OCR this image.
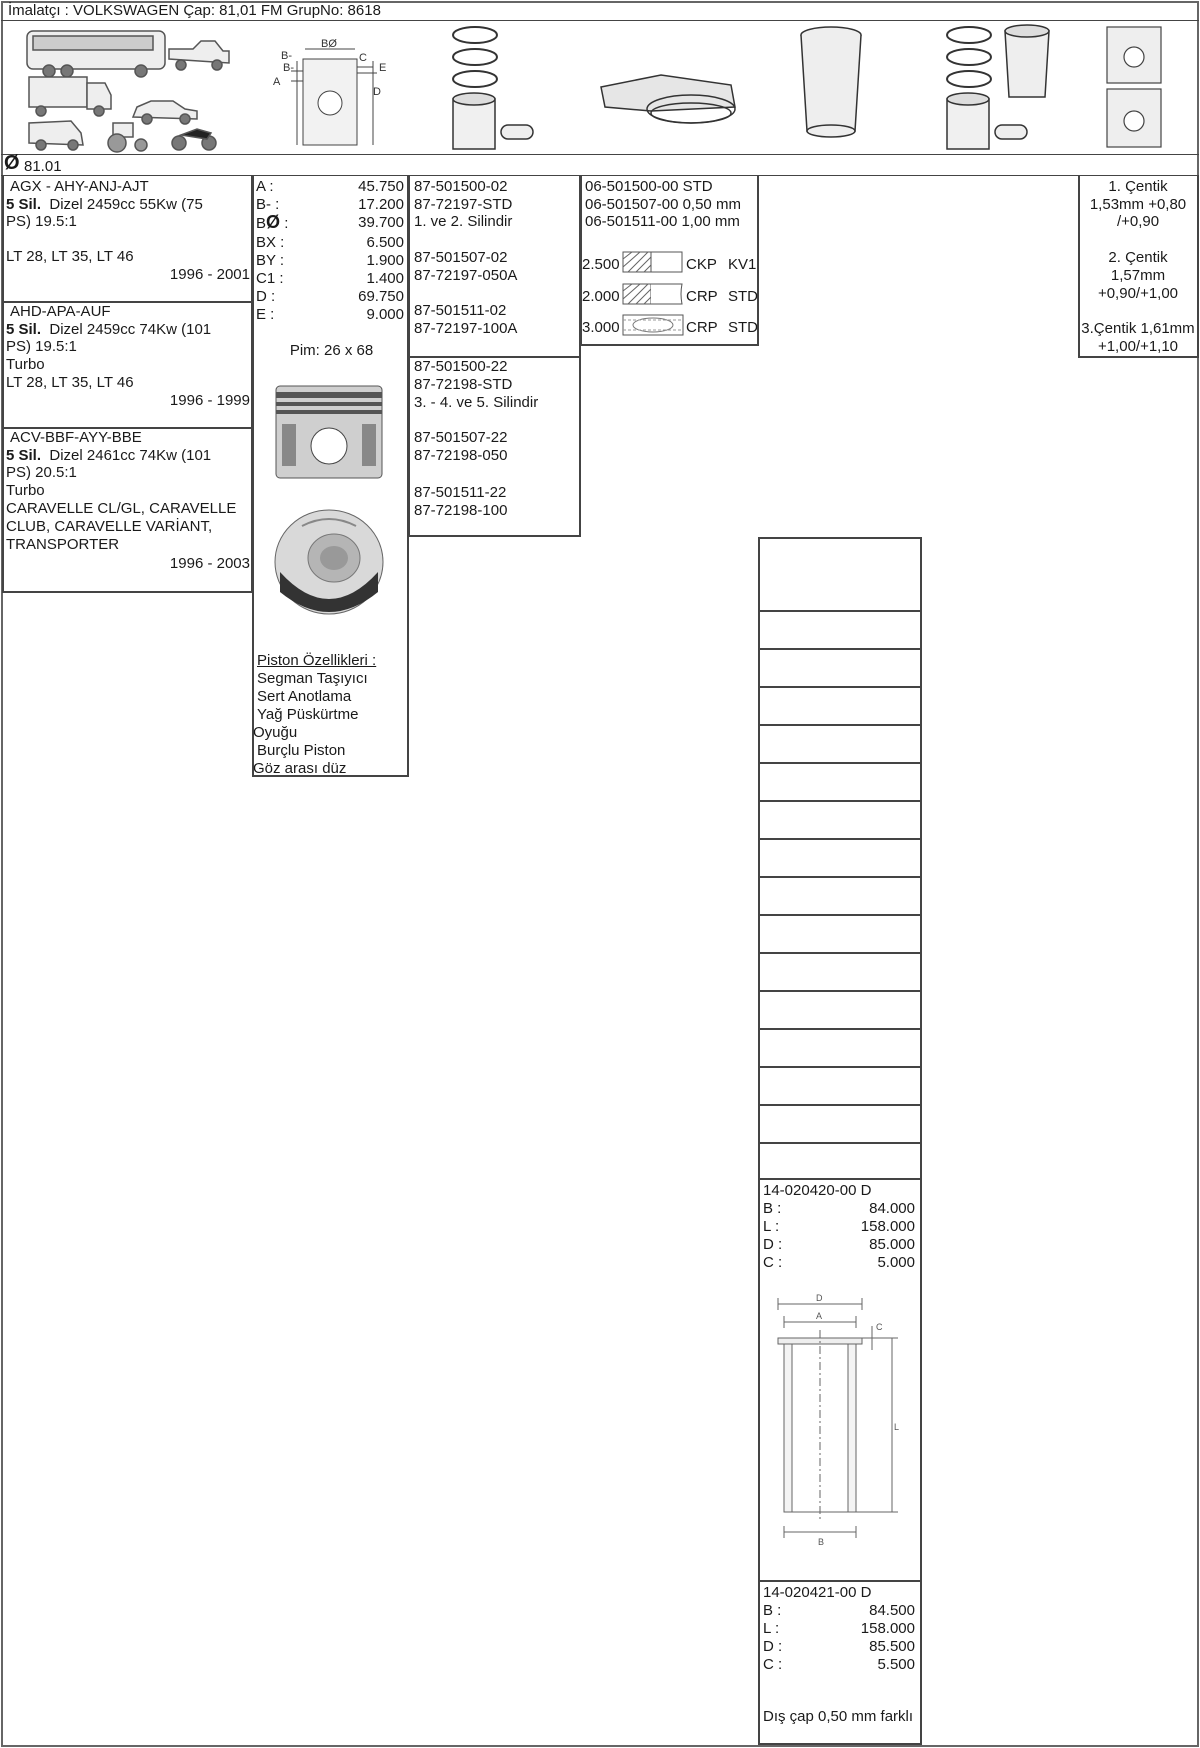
İmalatçı : VOLKSWAGEN Çap: 81,01 FM GrupNo: 8618
BØ
B-
B-
C
E
A
D
Ø 81.01
AGX - AHY-ANJ-AJT
5 Sil. Dizel 2459cc 55Kw (75
PS) 19.5:1
LT 28, LT 35, LT 46
1996 - 2001
AHD-APA-AUF
5 Sil. Dizel 2459cc 74Kw (101
PS) 19.5:1
Turbo
LT 28, LT 35, LT 46
1996 - 1999
ACV-BBF-AYY-BBE
5 Sil. Dizel 2461cc 74Kw (101
PS) 20.5:1
Turbo
CARAVELLE CL/GL, CARAVELLE
CLUB, CARAVELLE VARİANT,
TRANSPORTER
1996 - 2003
A :	45.750
B- :	17.200
BØ :	39.700
BX :	6.500
BY :	1.900
C1 :	1.400
D :	69.750
E :	9.000
Pim: 26 x 68
Piston Özellikleri :
Segman Taşıyıcı
Sert Anotlama
Yağ Püskürtme
Oyuğu
Burçlu Piston
Göz arası düz
87-501500-02
87-72197-STD
1. ve 2. Silindir
87-501507-02
87-72197-050A
87-501511-02
87-72197-100A
87-501500-22
87-72198-STD
3. - 4. ve 5. Silindir
87-501507-22
87-72198-050
87-501511-22
87-72198-100
06-501500-00 STD
06-501507-00 0,50 mm
06-501511-00 1,00 mm
2.500	CKP KV1
2.000	CRP STD
3.000	CRP STD
1. Çentik
1,53mm +0,80
/+0,90
2. Çentik
1,57mm
+0,90/+1,00
3.Çentik 1,61mm
+1,00/+1,10
14-020420-00 D
B :	84.000
L :	158.000
D :	85.000
C :	5.000
D
A
C
L
B
14-020421-00 D
B :	84.500
L :	158.000
D :	85.500
C :	5.500
Dış çap 0,50 mm farklı
